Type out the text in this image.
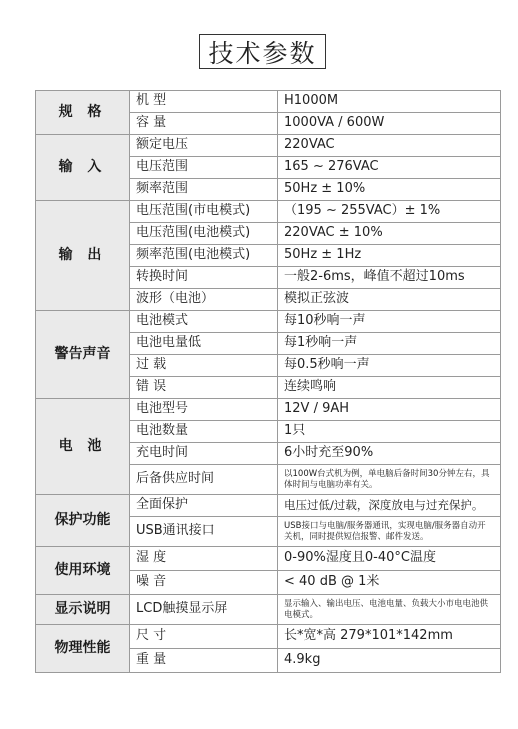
技术参数
规 格	机 型	H1000M
	容 量	1000VA / 600W
输 入	额定电压	220VAC
	电压范围	165 ~ 276VAC
	频率范围	50Hz ± 10%
输 出	电压范围(市电模式)	（195 ~ 255VAC）± 1%
	电压范围(电池模式)	220VAC ± 10%
	频率范围(电池模式)	50Hz ± 1Hz
	转换时间	一般2-6ms，峰值不超过10ms
	波形（电池）	模拟正弦波
警告声音	电池模式	每10秒响一声
	电池电量低	每1秒响一声
	过 载	每0.5秒响一声
	错 误	连续鸣响
电 池	电池型号	12V / 9AH
	电池数量	1只
	充电时间	6小时充至90%
	后备供应时间	以100W台式机为例，单电脑后备时间30分钟左右，具体时间与电脑功率有关。
保护功能	全面保护	电压过低/过载，深度放电与过充保护。
	USB通讯接口	USB接口与电脑/服务器通讯，实现电脑/服务器自动开关机，同时提供短信报警、邮件发送。
使用环境	湿 度	0-90%湿度且0-40°C温度
	噪 音	< 40 dB @ 1米
显示说明	LCD触摸显示屏	显示输入、输出电压、电池电量、负载大小市电电池供电模式。
物理性能	尺 寸	长*宽*高 279*101*142mm
	重 量	4.9kg
